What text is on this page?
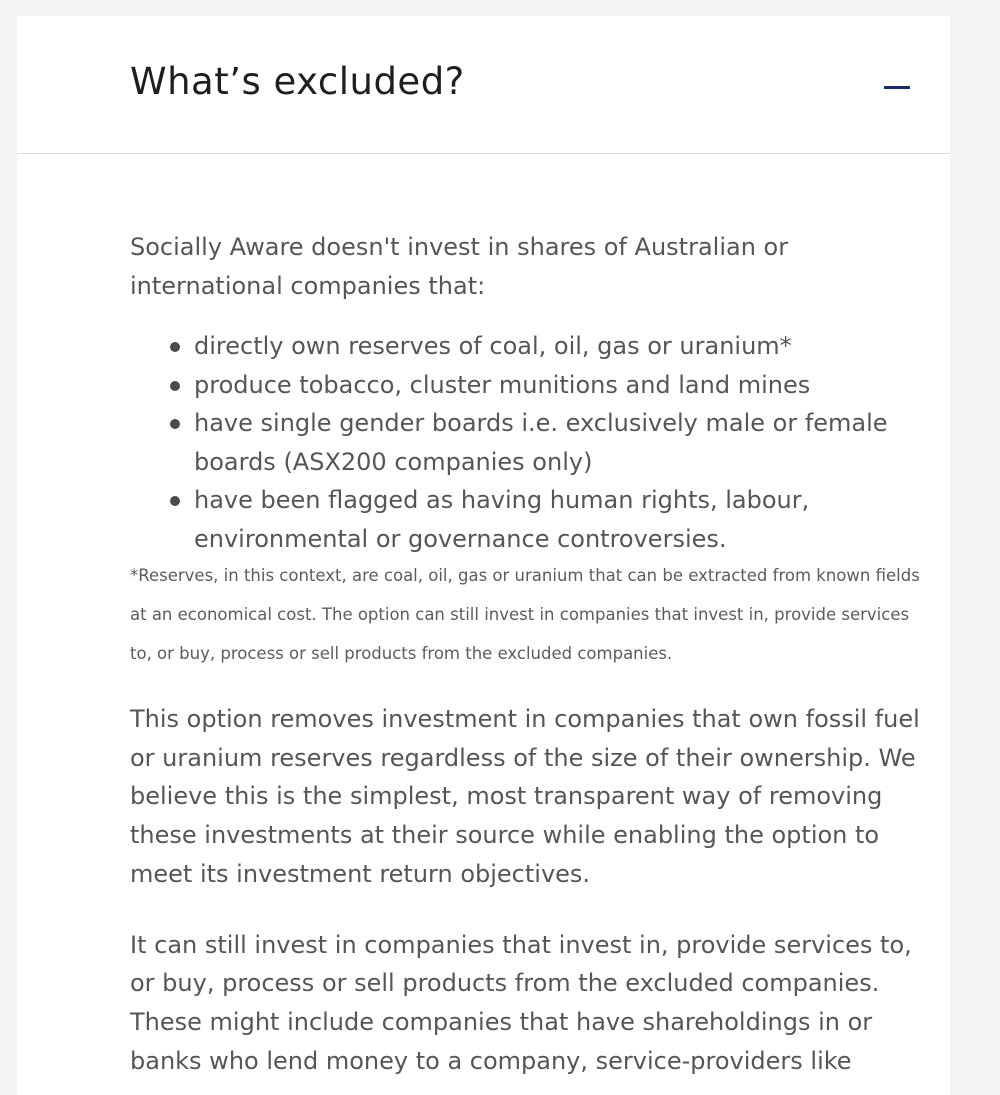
What’s excluded?

Socially Aware doesn't invest in shares of Australian or international companies that:

directly own reserves of coal, oil, gas or uranium*
produce tobacco, cluster munitions and land mines
have single gender boards i.e. exclusively male or female boards (ASX200 companies only)
have been flagged as having human rights, labour, environmental or governance controversies.

*Reserves, in this context, are coal, oil, gas or uranium that can be extracted from known fields at an economical cost. The option can still invest in companies that invest in, provide services to, or buy, process or sell products from the excluded companies.

This option removes investment in companies that own fossil fuel or uranium reserves regardless of the size of their ownership. We believe this is the simplest, most transparent way of removing these investments at their source while enabling the option to meet its investment return objectives.

It can still invest in companies that invest in, provide services to, or buy, process or sell products from the excluded companies. These might include companies that have shareholdings in or banks who lend money to a company, service-providers like
